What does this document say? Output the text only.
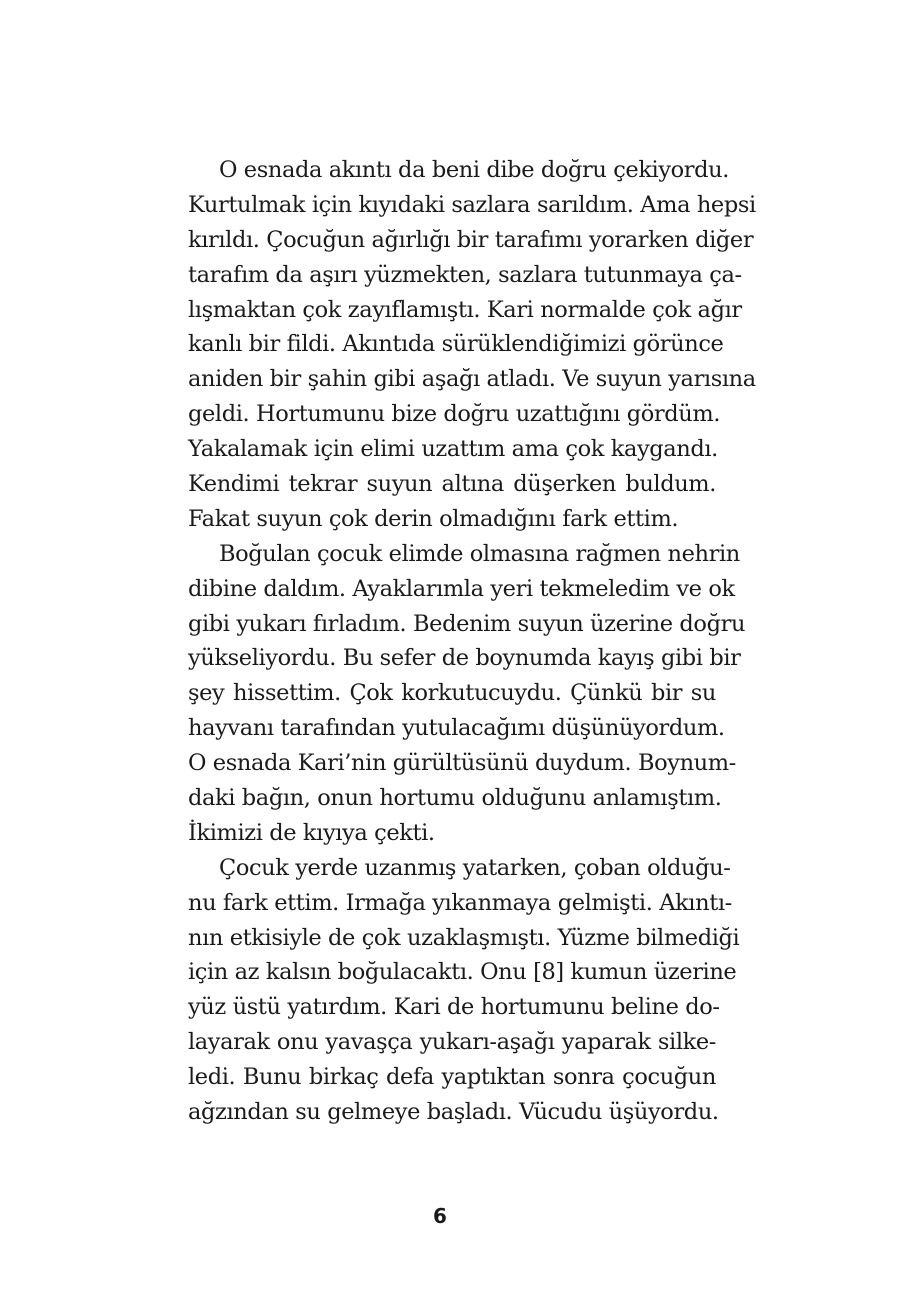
O esnada akıntı da beni dibe doğru çekiyordu.
Kurtulmak için kıyıdaki sazlara sarıldım. Ama hepsi
kırıldı. Çocuğun ağırlığı bir tarafımı yorarken diğer
tarafım da aşırı yüzmekten, sazlara tutunmaya ça-
lışmaktan çok zayıflamıştı. Kari normalde çok ağır
kanlı bir fildi. Akıntıda sürüklendiğimizi görünce
aniden bir şahin gibi aşağı atladı. Ve suyun yarısına
geldi. Hortumunu bize doğru uzattığını gördüm.
Yakalamak için elimi uzattım ama çok kaygandı.
Kendimi tekrar suyun altına düşerken buldum.
Fakat suyun çok derin olmadığını fark ettim.
Boğulan çocuk elimde olmasına rağmen nehrin
dibine daldım. Ayaklarımla yeri tekmeledim ve ok
gibi yukarı fırladım. Bedenim suyun üzerine doğru
yükseliyordu. Bu sefer de boynumda kayış gibi bir
şey hissettim. Çok korkutucuydu. Çünkü bir su
hayvanı tarafından yutulacağımı düşünüyordum.
O esnada Kari’nin gürültüsünü duydum. Boynum-
daki bağın, onun hortumu olduğunu anlamıştım.
İkimizi de kıyıya çekti.
Çocuk yerde uzanmış yatarken, çoban olduğu-
nu fark ettim. Irmağa yıkanmaya gelmişti. Akıntı-
nın etkisiyle de çok uzaklaşmıştı. Yüzme bilmediği
için az kalsın boğulacaktı. Onu [8] kumun üzerine
yüz üstü yatırdım. Kari de hortumunu beline do-
layarak onu yavaşça yukarı-aşağı yaparak silke-
ledi. Bunu birkaç defa yaptıktan sonra çocuğun
ağzından su gelmeye başladı. Vücudu üşüyordu.
6
